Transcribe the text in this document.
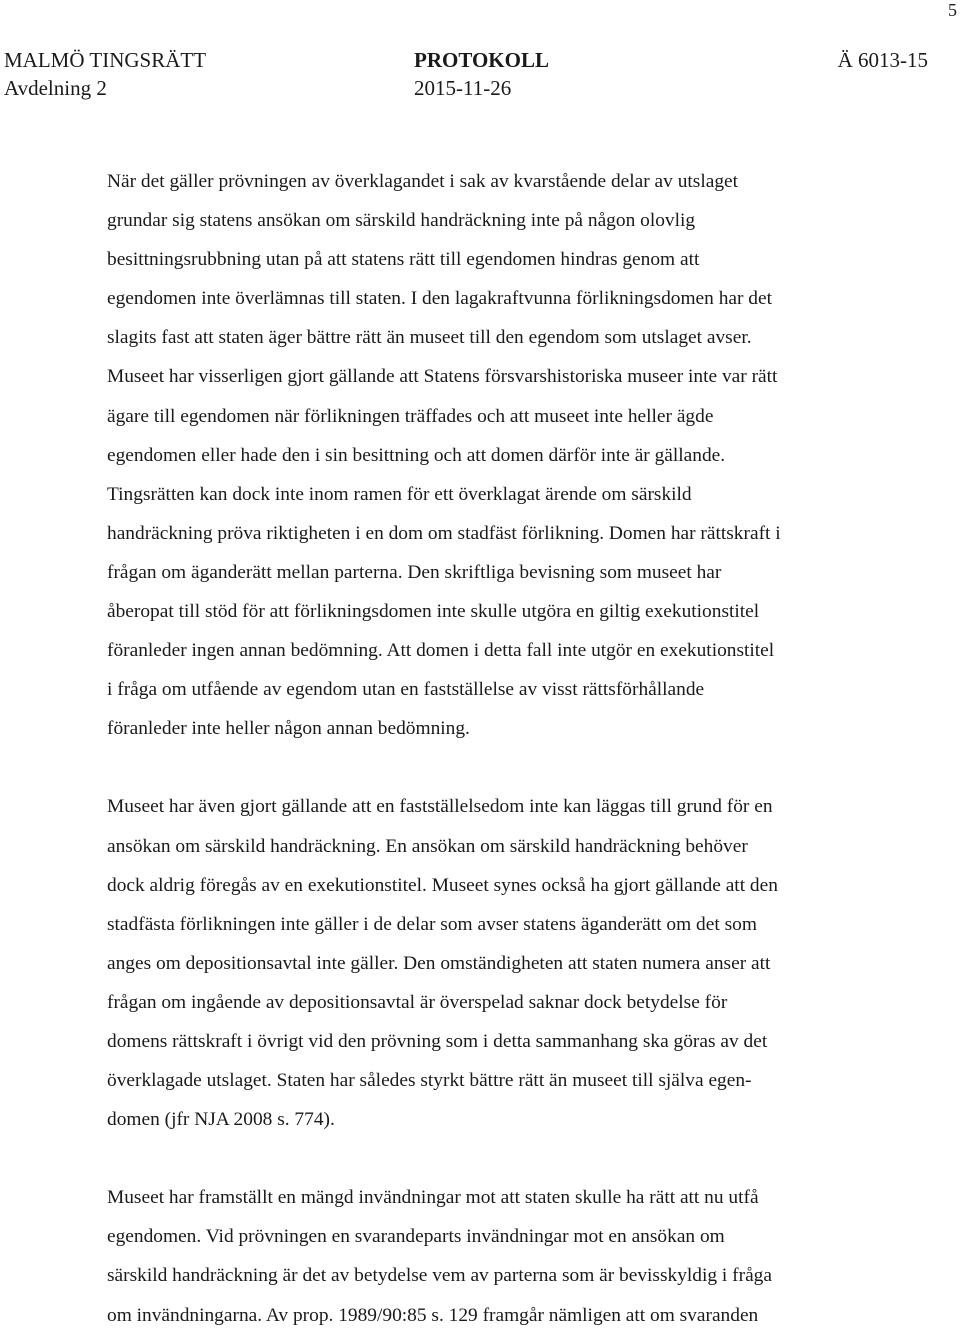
5
MALMÖ TINGSRÄTT	PROTOKOLL	Ä 6013-15
Avdelning 2	2015-11-26

När det gäller prövningen av överklagandet i sak av kvarstående delar av utslaget
grundar sig statens ansökan om särskild handräckning inte på någon olovlig
besittningsrubbning utan på att statens rätt till egendomen hindras genom att
egendomen inte överlämnas till staten. I den lagakraftvunna förlikningsdomen har det
slagits fast att staten äger bättre rätt än museet till den egendom som utslaget avser.
Museet har visserligen gjort gällande att Statens försvarshistoriska museer inte var rätt
ägare till egendomen när förlikningen träffades och att museet inte heller ägde
egendomen eller hade den i sin besittning och att domen därför inte är gällande.
Tingsrätten kan dock inte inom ramen för ett överklagat ärende om särskild
handräckning pröva riktigheten i en dom om stadfäst förlikning. Domen har rättskraft i
frågan om äganderätt mellan parterna. Den skriftliga bevisning som museet har
åberopat till stöd för att förlikningsdomen inte skulle utgöra en giltig exekutionstitel
föranleder ingen annan bedömning. Att domen i detta fall inte utgör en exekutionstitel
i fråga om utfående av egendom utan en fastställelse av visst rättsförhållande
föranleder inte heller någon annan bedömning.

Museet har även gjort gällande att en fastställelsedom inte kan läggas till grund för en
ansökan om särskild handräckning. En ansökan om särskild handräckning behöver
dock aldrig föregås av en exekutionstitel. Museet synes också ha gjort gällande att den
stadfästa förlikningen inte gäller i de delar som avser statens äganderätt om det som
anges om depositionsavtal inte gäller. Den omständigheten att staten numera anser att
frågan om ingående av depositionsavtal är överspelad saknar dock betydelse för
domens rättskraft i övrigt vid den prövning som i detta sammanhang ska göras av det
överklagade utslaget. Staten har således styrkt bättre rätt än museet till själva egen-
domen (jfr NJA 2008 s. 774).

Museet har framställt en mängd invändningar mot att staten skulle ha rätt att nu utfå
egendomen. Vid prövningen en svarandeparts invändningar mot en ansökan om
särskild handräckning är det av betydelse vem av parterna som är bevisskyldig i fråga
om invändningarna. Av prop. 1989/90:85 s. 129 framgår nämligen att om svaranden
